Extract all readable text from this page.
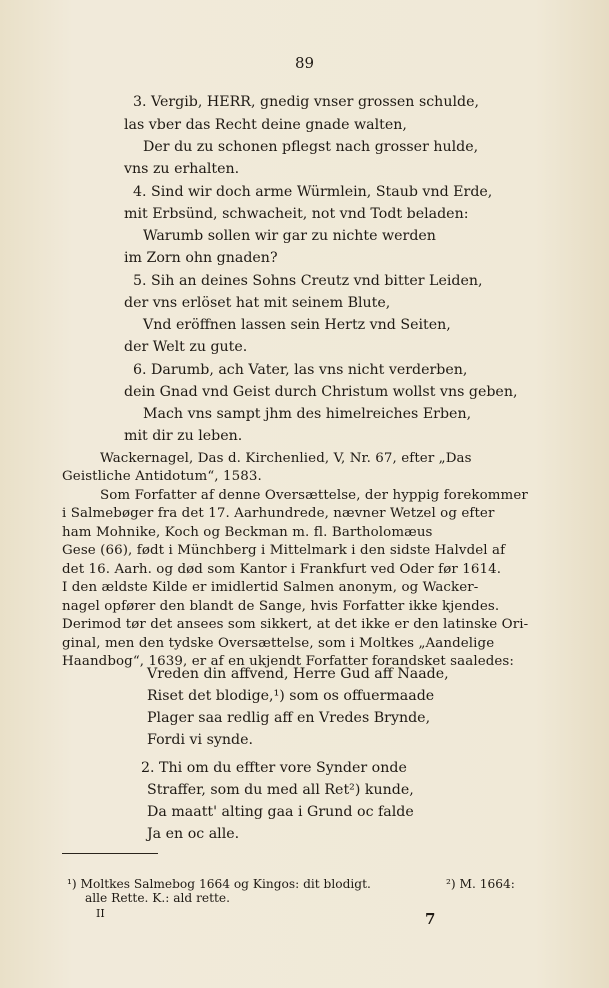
89
3. Vergib, HERR, gnedig vnser grossen schulde,
las vber das Recht deine gnade walten,
Der du zu schonen pflegst nach grosser hulde,
vns zu erhalten.
4. Sind wir doch arme Würmlein, Staub vnd Erde,
mit Erbsünd, schwacheit, not vnd Todt beladen:
Warumb sollen wir gar zu nichte werden
im Zorn ohn gnaden?
5. Sih an deines Sohns Creutz vnd bitter Leiden,
der vns erlöset hat mit seinem Blute,
Vnd eröffnen lassen sein Hertz vnd Seiten,
der Welt zu gute.
6. Darumb, ach Vater, las vns nicht verderben,
dein Gnad vnd Geist durch Christum wollst vns geben,
Mach vns sampt jhm des himelreiches Erben,
mit dir zu leben.
Wackernagel, Das d. Kirchenlied, V, Nr. 67, efter „Das
Geistliche Antidotum“, 1583.
Som Forfatter af denne Oversættelse, der hyppig forekommer
i Salmebøger fra det 17. Aarhundrede, nævner Wetzel og efter
ham Mohnike, Koch og Beckman m. fl. Bartholomæus
Gese (66), født i Münchberg i Mittelmark i den sidste Halvdel af
det 16. Aarh. og død som Kantor i Frankfurt ved Oder før 1614.
I den ældste Kilde er imidlertid Salmen anonym, og Wacker-
nagel opfører den blandt de Sange, hvis Forfatter ikke kjendes.
Derimod tør det ansees som sikkert, at det ikke er den latinske Ori-
ginal, men den tydske Oversættelse, som i Moltkes „Aandelige
Haandbog“, 1639, er af en ukjendt Forfatter forandsket saaledes:
Vreden din affvend, Herre Gud aff Naade,
Riset det blodige,¹) som os offuermaade
Plager saa redlig aff en Vredes Brynde,
Fordi vi synde.
2. Thi om du effter vore Synder onde
Straffer, som du med all Ret²) kunde,
Da maatt' alting gaa i Grund oc falde
Ja en oc alle.
¹) Moltkes Salmebog 1664 og Kingos: dit blodigt.
alle Rette. K.: ald rette.
²) M. 1664:
II	7
